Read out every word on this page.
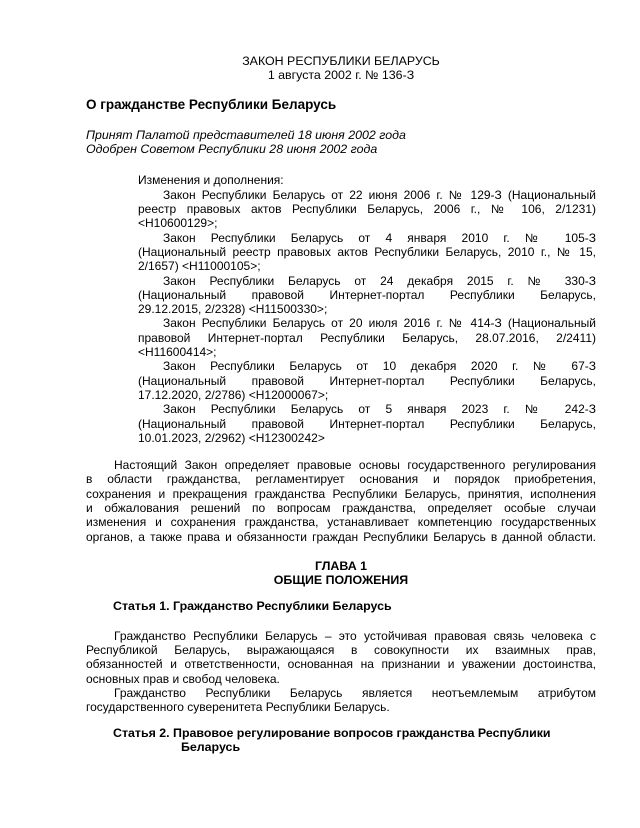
ЗАКОН РЕСПУБЛИКИ БЕЛАРУСЬ
1 августа 2002 г. № 136-З
О гражданстве Республики Беларусь
Принят Палатой представителей 18 июня 2002 года
Одобрен Советом Республики 28 июня 2002 года
Изменения и дополнения:
Закон Республики Беларусь от 22 июня 2006 г. № 129-З (Национальный
реестр правовых актов Республики Беларусь, 2006 г., № 106, 2/1231)
<H10600129>;
Закон Республики Беларусь от 4 января 2010 г. № 105-З
(Национальный реестр правовых актов Республики Беларусь, 2010 г., № 15,
2/1657) <H11000105>;
Закон Республики Беларусь от 24 декабря 2015 г. № 330-З
(Национальный правовой Интернет-портал Республики Беларусь,
29.12.2015, 2/2328) <H11500330>;
Закон Республики Беларусь от 20 июля 2016 г. № 414-З (Национальный
правовой Интернет-портал Республики Беларусь, 28.07.2016, 2/2411)
<H11600414>;
Закон Республики Беларусь от 10 декабря 2020 г. № 67-З
(Национальный правовой Интернет-портал Республики Беларусь,
17.12.2020, 2/2786) <H12000067>;
Закон Республики Беларусь от 5 января 2023 г. № 242-З
(Национальный правовой Интернет-портал Республики Беларусь,
10.01.2023, 2/2962) <H12300242>
Настоящий Закон определяет правовые основы государственного регулирования
в области гражданства, регламентирует основания и порядок приобретения,
сохранения и прекращения гражданства Республики Беларусь, принятия, исполнения
и обжалования решений по вопросам гражданства, определяет особые случаи
изменения и сохранения гражданства, устанавливает компетенцию государственных
органов, а также права и обязанности граждан Республики Беларусь в данной области.
ГЛАВА 1
ОБЩИЕ ПОЛОЖЕНИЯ
Статья 1. Гражданство Республики Беларусь
Гражданство Республики Беларусь – это устойчивая правовая связь человека с
Республикой Беларусь, выражающаяся в совокупности их взаимных прав,
обязанностей и ответственности, основанная на признании и уважении достоинства,
основных прав и свобод человека.
Гражданство Республики Беларусь является неотъемлемым атрибутом
государственного суверенитета Республики Беларусь.
Статья 2. Правовое регулирование вопросов гражданства Республики
Беларусь
